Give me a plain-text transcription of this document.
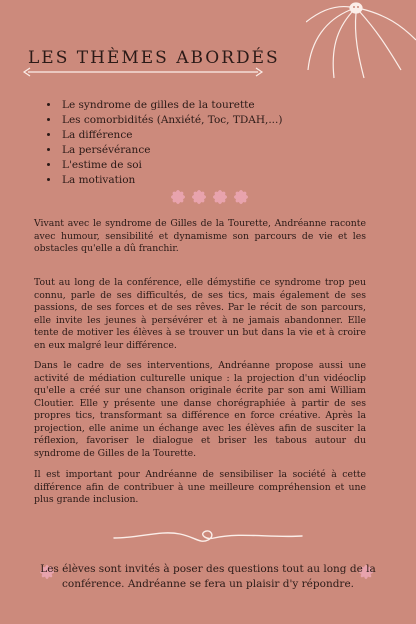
LES THÈMES ABORDÉS
• Le syndrome de gilles de la tourette
• Les comorbidités (Anxiété, Toc, TDAH,...)
• La différence
• La persévérance
• L'estime de soi
• La motivation

Vivant avec le syndrome de Gilles de la Tourette, Andréanne raconte avec humour, sensibilité et dynamisme son parcours de vie et les obstacles qu'elle a dû franchir.

Tout au long de la conférence, elle démystifie ce syndrome trop peu connu, parle de ses difficultés, de ses tics, mais également de ses passions, de ses forces et de ses rêves. Par le récit de son parcours, elle invite les jeunes à persévérer et à ne jamais abandonner. Elle tente de motiver les élèves à se trouver un but dans la vie et à croire en eux malgré leur différence.

Dans le cadre de ses interventions, Andréanne propose aussi une activité de médiation culturelle unique : la projection d'un vidéoclip qu'elle a créé sur une chanson originale écrite par son ami William Cloutier. Elle y présente une danse chorégraphiée à partir de ses propres tics, transformant sa différence en force créative. Après la projection, elle anime un échange avec les élèves afin de susciter la réflexion, favoriser le dialogue et briser les tabous autour du syndrome de Gilles de la Tourette.

Il est important pour Andréanne de sensibiliser la société à cette différence afin de contribuer à une meilleure compréhension et une plus grande inclusion.

Les élèves sont invités à poser des questions tout au long de la conférence. Andréanne se fera un plaisir d'y répondre.
